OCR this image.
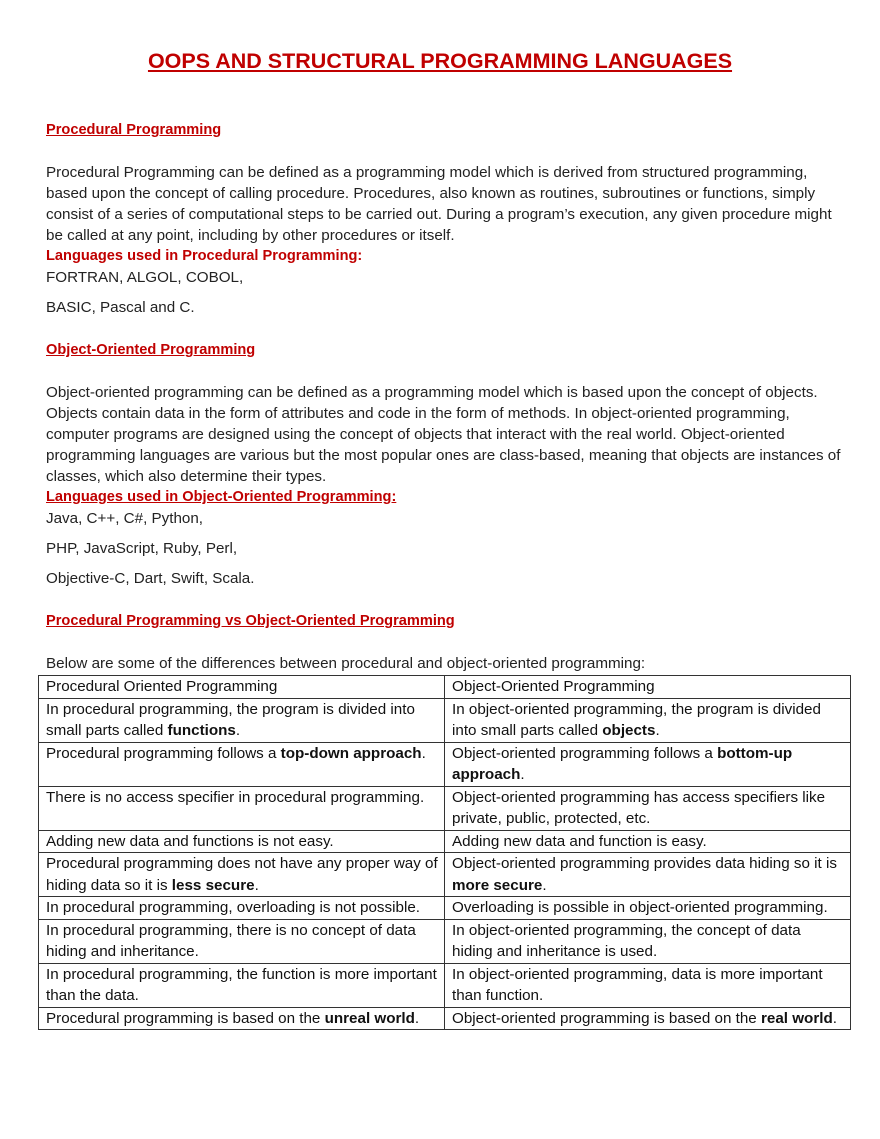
OOPS AND STRUCTURAL PROGRAMMING LANGUAGES
Procedural Programming

Procedural Programming can be defined as a programming model which is derived from structured programming, based upon the concept of calling procedure. Procedures, also known as routines, subroutines or functions, simply consist of a series of computational steps to be carried out. During a program’s execution, any given procedure might be called at any point, including by other procedures or itself.

Languages used in Procedural Programming:

FORTRAN, ALGOL, COBOL,

BASIC, Pascal and C.

Object-Oriented Programming

Object-oriented programming can be defined as a programming model which is based upon the concept of objects. Objects contain data in the form of attributes and code in the form of methods. In object-oriented programming, computer programs are designed using the concept of objects that interact with the real world. Object-oriented programming languages are various but the most popular ones are class-based, meaning that objects are instances of classes, which also determine their types.

Languages used in Object-Oriented Programming:

Java, C++, C#, Python,

PHP, JavaScript, Ruby, Perl,

Objective-C, Dart, Swift, Scala.

Procedural Programming vs Object-Oriented Programming

Below are some of the differences between procedural and object-oriented programming:

Procedural Oriented Programming	Object-Oriented Programming
In procedural programming, the program is divided into small parts called functions.	In object-oriented programming, the program is divided into small parts called objects.
Procedural programming follows a top-down approach.	Object-oriented programming follows a bottom-up approach.
There is no access specifier in procedural programming.	Object-oriented programming has access specifiers like private, public, protected, etc.
Adding new data and functions is not easy.	Adding new data and function is easy.
Procedural programming does not have any proper way of hiding data so it is less secure.	Object-oriented programming provides data hiding so it is more secure.
In procedural programming, overloading is not possible.	Overloading is possible in object-oriented programming.
In procedural programming, there is no concept of data hiding and inheritance.	In object-oriented programming, the concept of data hiding and inheritance is used.
In procedural programming, the function is more important than the data.	In object-oriented programming, data is more important than function.
Procedural programming is based on the unreal world.	Object-oriented programming is based on the real world.
